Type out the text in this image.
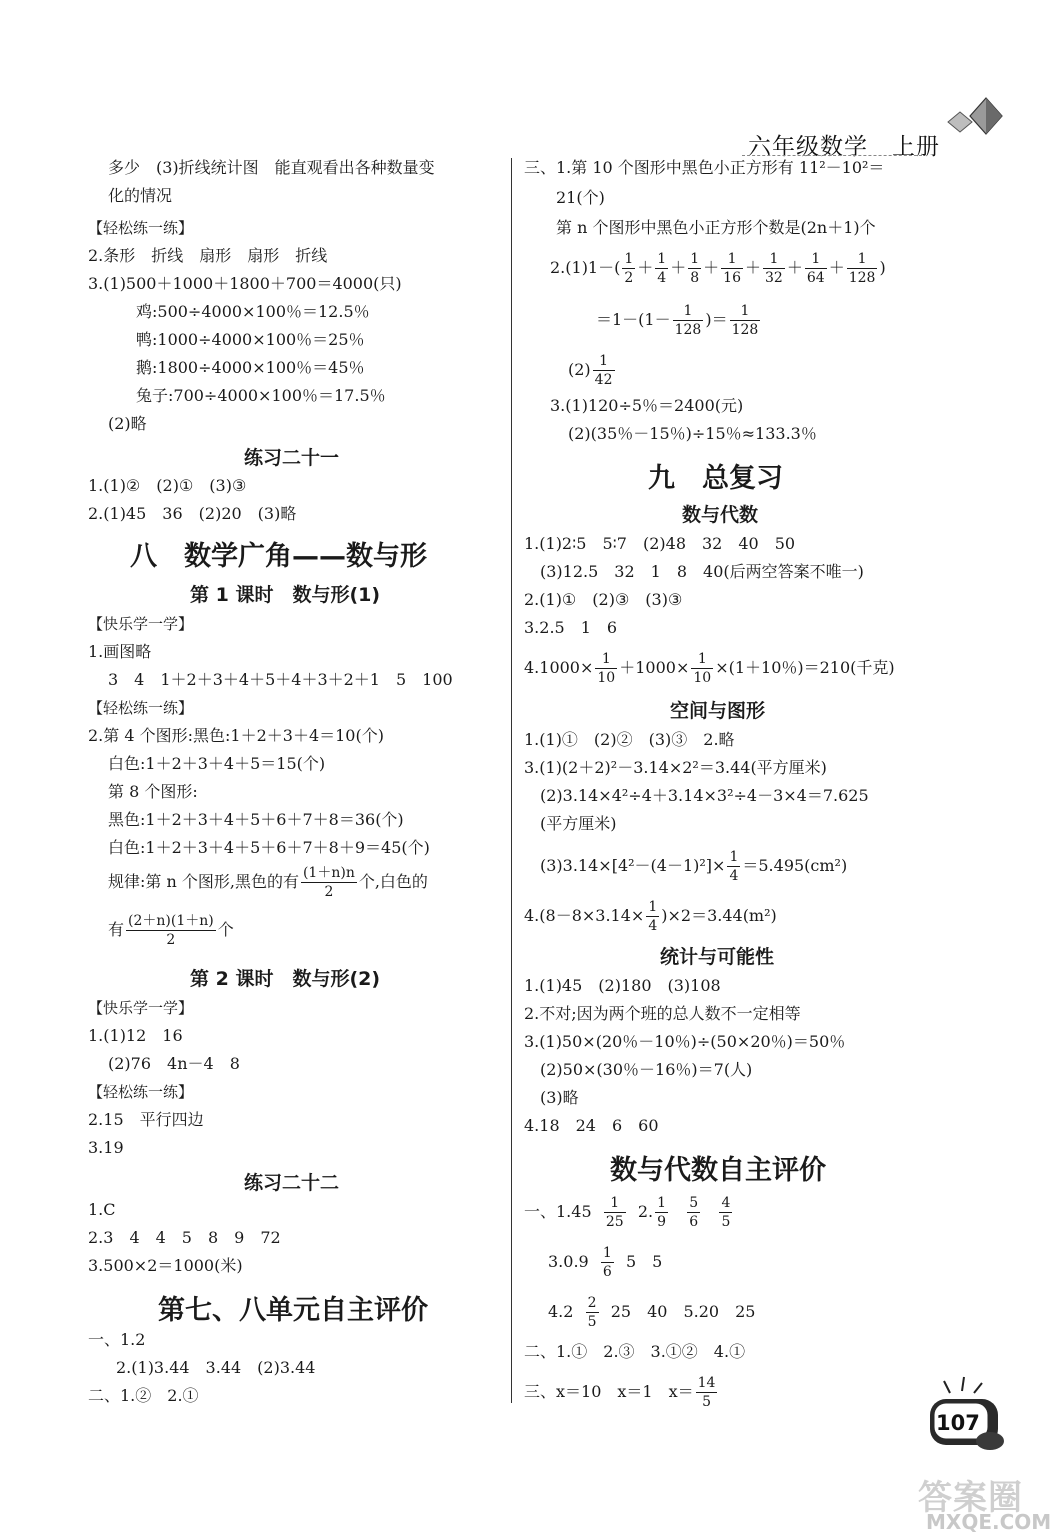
六年级数学　上册
多少　(3)折线统计图　能直观看出各种数量变
化的情况
【轻松练一练】
2.条形　折线　扇形　扇形　折线
3.(1)500＋1000＋1800＋700＝4000(只)
鸡:500÷4000×100％＝12.5％
鸭:1000÷4000×100％＝25％
鹅:1800÷4000×100％＝45％
兔子:700÷4000×100％＝17.5％
(2)略
练习二十一
1.(1)②　(2)①　(3)③
2.(1)45　36　(2)20　(3)略
八　数学广角——数与形
第 1 课时　数与形(1)
【快乐学一学】
1.画图略
3　4　1＋2＋3＋4＋5＋4＋3＋2＋1　5　100
【轻松练一练】
2.第 4 个图形:黑色:1＋2＋3＋4＝10(个)
白色:1＋2＋3＋4＋5＝15(个)
第 8 个图形:
黑色:1＋2＋3＋4＋5＋6＋7＋8＝36(个)
白色:1＋2＋3＋4＋5＋6＋7＋8＋9＝45(个)
规律:第 n 个图形,黑色的有 $\frac{(1+n)n}{2}$ 个,白色的
有 $\frac{(2+n)(1+n)}{2}$ 个
第 2 课时　数与形(2)
【快乐学一学】
1.(1)12　16
(2)76　4n－4　8
【轻松练一练】
2.15　平行四边
3.19
练习二十二
1.C
2.3　4　4　5　8　9　72
3.500×2＝1000(米)
第七、八单元自主评价
一、1.2
2.(1)3.44　3.44　(2)3.44
二、1.②　2.①
三、1.第 10 个图形中黑色小正方形有 11²－10²＝
21(个)
第 n 个图形中黑色小正方形个数是(2n＋1)个
$2.(1)1-( \frac{1}{2} + \frac{1}{4} + \frac{1}{8} + \frac{1}{16} + \frac{1}{32} + \frac{1}{64} + \frac{1}{128}$ )
$=1-(1- \frac{1}{128}$ )＝ $\frac{1}{128}$
$(2) \frac{1}{42}$
3.(1)120÷5％＝2400(元)
(2)(35％－15％)÷15％≈133.3％
九　总复习
数与代数
1.(1)2∶5　5∶7　(2)48　32　40　50
(3)12.5　32　1　8　40(后两空答案不唯一)
2.(1)①　(2)③　(3)③
3.2.5　1　6
$4.1000\times \frac{1}{10} +1000\times \frac{1}{10} \times(1+10$％)＝210(千克)
空间与图形
1.(1)①　(2)②　(3)③　2.略
3.(1)(2＋2)²－3.14×2²＝3.44(平方厘米)
(2)3.14×4²÷4＋3.14×3²÷4－3×4＝7.625
(平方厘米)
$(3)3.14\times[4^2-(4-1)^2]\times \frac{1}{4} =5.495(cm^2)$
$4.(8-8\times 3.14\times \frac{1}{4} )\times 2=3.44(m^2)$
统计与可能性
1.(1)45　(2)180　(3)108
2.不对;因为两个班的总人数不一定相等
3.(1)50×(20％－10％)÷(50×20％)＝50％
(2)50×(30％－16％)＝7(人)
(3)略
4.18　24　6　60
数与代数自主评价
一、$1.45 \frac{1}{25} 2$. $\frac{1}{9}$
$\frac{5}{6}$
$\frac{4}{5}$
$3.0.9 \frac{1}{6} 5$　5
$4.2 \frac{2}{5} 25$　40　5.20　25
二、1.①　2.③　3.①②　4.①
三、x＝10　x＝1　$x= \frac{14}{5}$
107
答案圈
MXQE.COM
